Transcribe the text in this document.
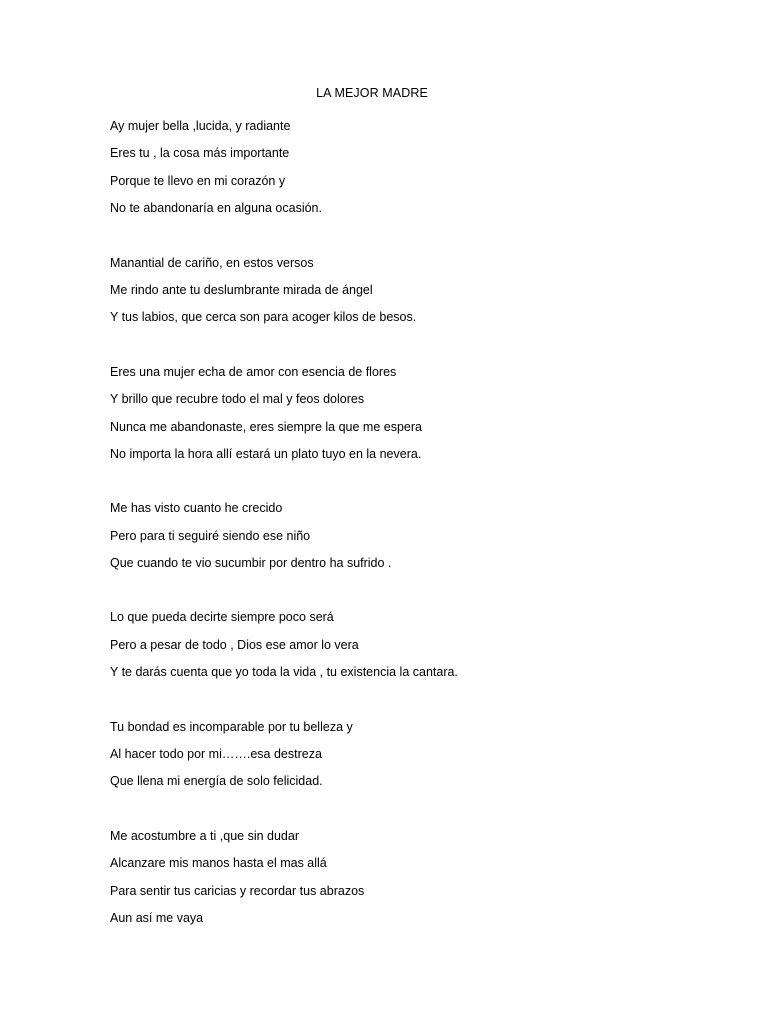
LA MEJOR MADRE
Ay mujer bella ,lucida, y radiante
Eres tu , la cosa más importante
Porque te llevo en mi corazón y
No te abandonaría en alguna ocasión.
Manantial de cariño, en estos versos
Me rindo ante tu deslumbrante mirada de ángel
Y tus labios, que cerca son para acoger kilos de besos.
Eres una mujer echa de amor con esencia de flores
Y brillo que recubre todo el mal y feos dolores
Nunca me abandonaste, eres siempre la que me espera
No importa la hora allí estará un plato tuyo en la nevera.
Me has visto cuanto he crecido
Pero para ti seguiré siendo ese niño
Que cuando te vio sucumbir por dentro ha sufrido .
Lo que pueda decirte siempre poco será
Pero a pesar de todo , Dios ese amor lo vera
Y te darás cuenta que yo toda la vida , tu existencia la cantara.
Tu bondad es incomparable por tu belleza y
Al hacer todo por mi…….esa destreza
Que llena mi energía de solo felicidad.
Me acostumbre a ti ,que sin dudar
Alcanzare mis manos hasta el mas allá
Para sentir tus caricias y recordar tus abrazos
Aun así me vaya
